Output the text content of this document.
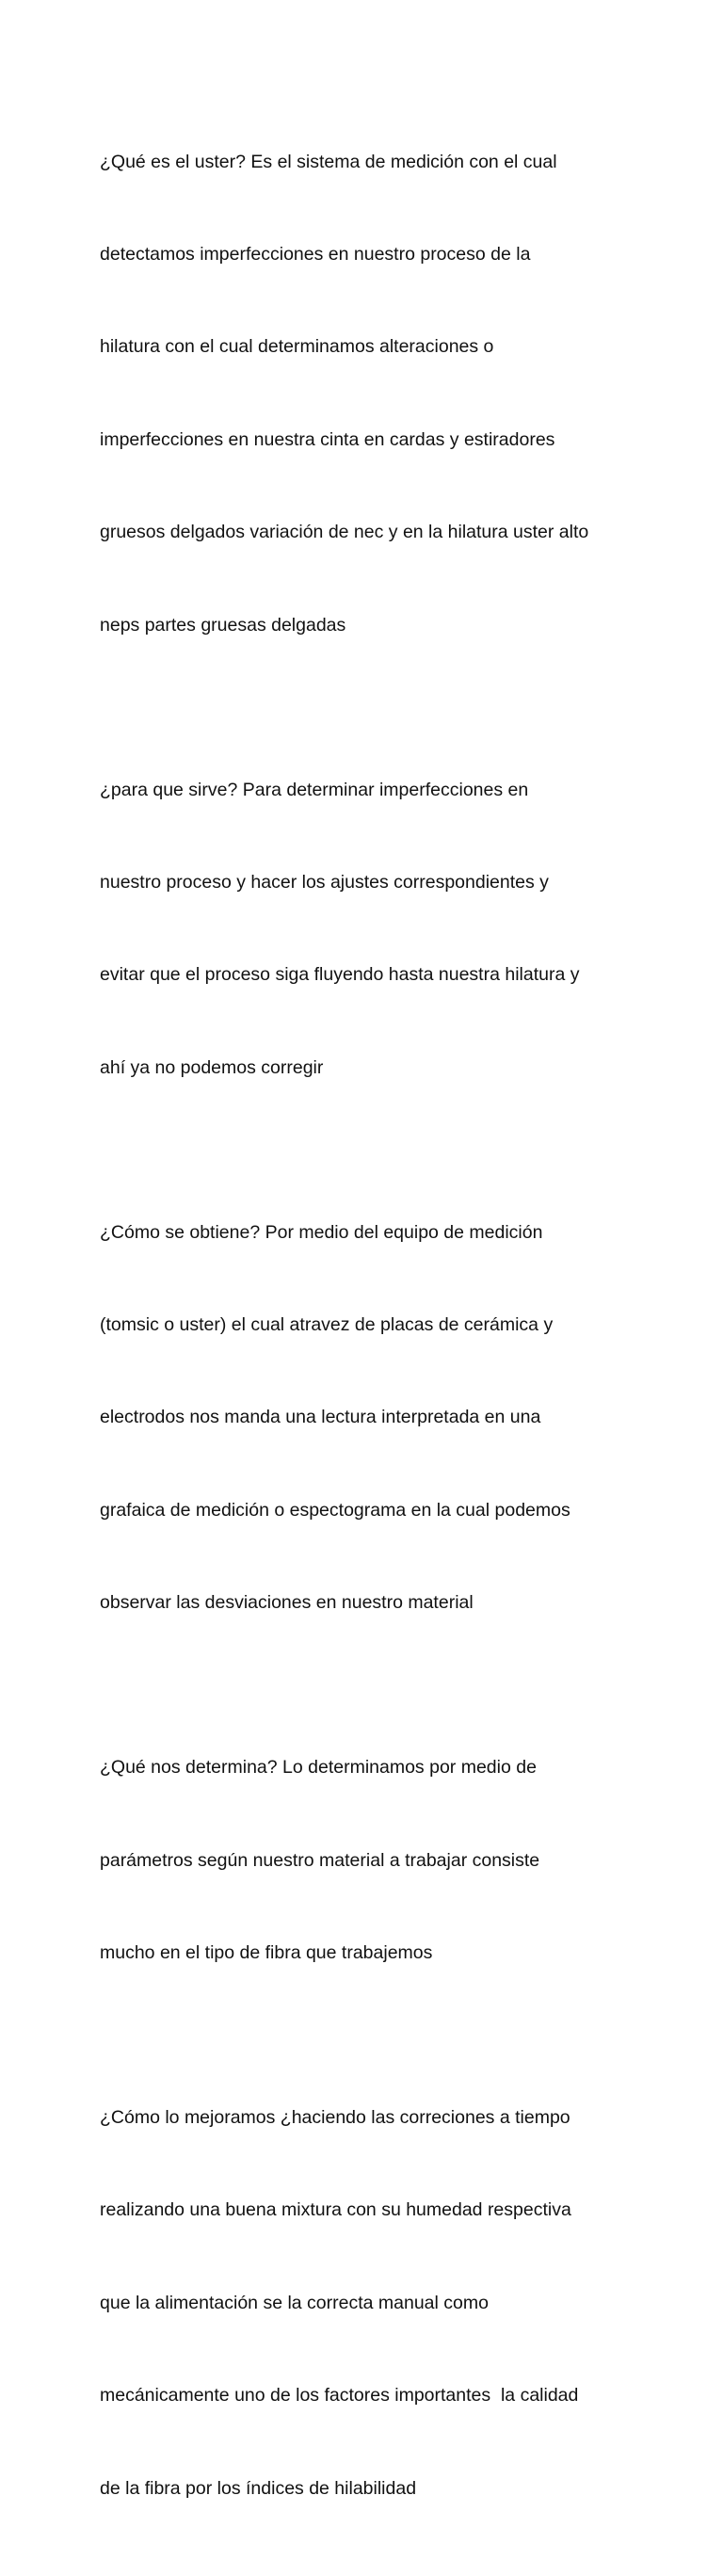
¿Qué es el uster? Es el sistema de medición con el cual

detectamos imperfecciones en nuestro proceso de la

hilatura con el cual determinamos alteraciones o

imperfecciones en nuestra cinta en cardas y estiradores

gruesos delgados variación de nec y en la hilatura uster alto

neps partes gruesas delgadas

¿para que sirve? Para determinar imperfecciones en

nuestro proceso y hacer los ajustes correspondientes y

evitar que el proceso siga fluyendo hasta nuestra hilatura y

ahí ya no podemos corregir

¿Cómo se obtiene? Por medio del equipo de medición

(tomsic o uster) el cual atravez de placas de cerámica y

electrodos nos manda una lectura interpretada en una

grafaica de medición o espectograma en la cual podemos

observar las desviaciones en nuestro material

¿Qué nos determina? Lo determinamos por medio de

parámetros según nuestro material a trabajar consiste

mucho en el tipo de fibra que trabajemos

¿Cómo lo mejoramos ¿haciendo las correciones a tiempo

realizando una buena mixtura con su humedad respectiva

que la alimentación se la correcta manual como

mecánicamente uno de los factores importantes  la calidad

de la fibra por los índices de hilabilidad
